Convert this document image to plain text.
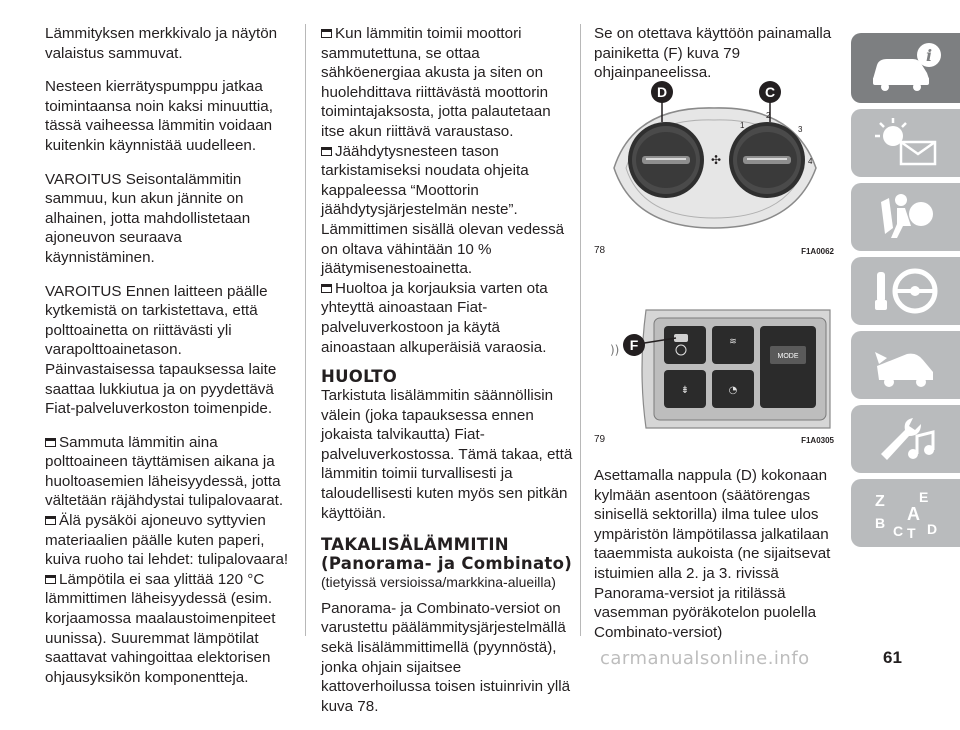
Lämmityksen merkkivalo ja näytön valaistus sammuvat.

Nesteen kierrätyspumppu jatkaa toimintaansa noin kaksi minuuttia, tässä vaiheessa lämmitin voidaan kuitenkin käynnistää uudelleen.

VAROITUS Seisontalämmitin sammuu, kun akun jännite on alhainen, jotta mahdollistetaan ajoneuvon seuraava käynnistäminen.

VAROITUS Ennen laitteen päälle kytkemistä on tarkistettava, että polttoainetta on riittävästi yli varapolttoainetason. Päinvastaisessa tapauksessa laite saattaa lukkiutua ja on pyydettävä Fiat-palveluverkoston toimenpide.

Sammuta lämmitin aina polttoaineen täyttämisen aikana ja huoltoasemien läheisyydessä, jotta vältetään räjähdystai tulipalovaarat.

Älä pysäköi ajoneuvo syttyvien materiaalien päälle kuten paperi, kuiva ruoho tai lehdet: tulipalovaara!

Lämpötila ei saa ylittää 120 °C lämmittimen läheisyydessä (esim. korjaamossa maalaustoimenpiteet uunissa). Suuremmat lämpötilat saattavat vahingoittaa elektorisen ohjausyksikön komponentteja.

Kun lämmitin toimii moottori sammutettuna, se ottaa sähköenergiaa akusta ja siten on huolehdittava riittävästä moottorin toimintajaksosta, jotta palautetaan itse akun riittävä varaustaso.

Jäähdytysnesteen tason tarkistamiseksi noudata ohjeita kappaleessa “Moottorin jäähdytysjärjestelmän neste”. Lämmittimen sisällä olevan vedessä on oltava vähintään 10 % jäätymisenestoainetta.

Huoltoa ja korjauksia varten ota yhteyttä ainoastaan Fiat-palveluverkostoon ja käytä ainoastaan alkuperäisiä varaosia.

HUOLTO

Tarkistuta lisälämmitin säännöllisin välein (joka tapauksessa ennen jokaista talvikautta) Fiat-palveluverkostossa. Tämä takaa, että lämmitin toimii turvallisesti ja taloudellisesti kuten myös sen pitkän käyttöiän.

TAKALISÄLÄMMITIN (Panorama- ja Combinato)

(tietyissä versioissa/markkina-alueilla)

Panorama- ja Combinato-versiot on varustettu päälämmitysjärjestelmällä sekä lisälämmittimellä (pyynnöstä), jonka ohjain sijaitsee kattoverhoilussa toisen istuinrivin yllä kuva 78.

Se on otettava käyttöön painamalla painiketta (F) kuva 79 ohjainpaneelissa.

✣
1
2
3
4
D	C
78	F1A0062
MODE
≋
⇟	◔
)) F
79	F1A0305

Asettamalla nappula (D) kokonaan kylmään asentoon (säätörengas sinisellä sektorilla) ilma tulee ulos ympäristön lämpötilassa jalkatilaan taaemmista aukoista (ne sijaitsevat istuimien alla 2. ja 3. rivissä Panorama-versiot ja ritilässä vasemman pyöräkotelon puolella Combinato-versiot)

i
Z E
B A
C T D
carmanualsonline.info	61
